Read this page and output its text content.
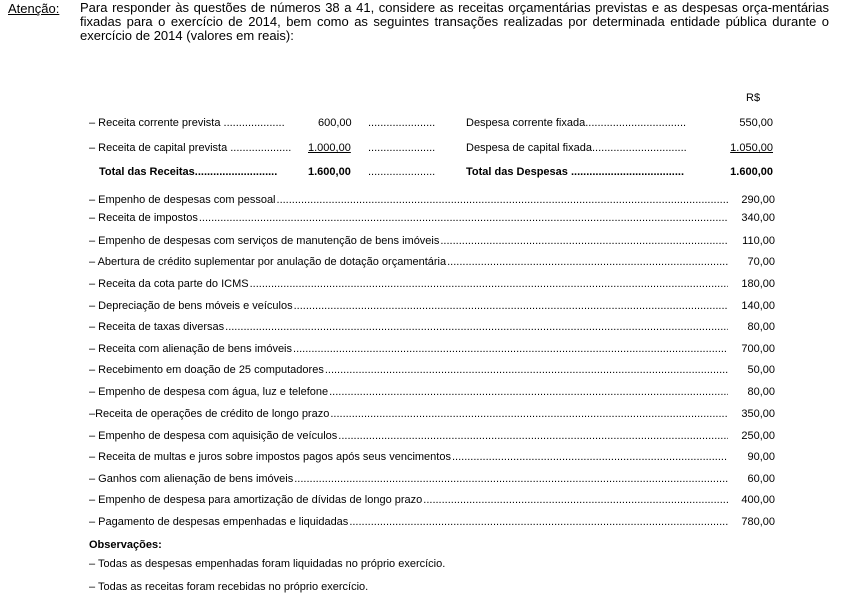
Atenção: Para responder às questões de números 38 a 41, considere as receitas orçamentárias previstas e as despesas orça-mentárias fixadas para o exercício de 2014, bem como as seguintes transações realizadas por determinada entidade pública durante o exercício de 2014 (valores em reais):
R$
– Receita corrente prevista ....................	600,00 ......................	Despesa corrente fixada.................................	550,00
– Receita de capital prevista .................... 1.000,00 ......................	Despesa de capital fixada...............................	1.050,00
Total das Receitas...........................	1.600,00 ......................	Total das Despesas .....................................	1.600,00
– Empenho de despesas com pessoal .....	290,00
– Receita de impostos .....	340,00
– Empenho de despesas com serviços de manutenção de bens imóveis .....	110,00
– Abertura de crédito suplementar por anulação de dotação orçamentária .....	70,00
– Receita da cota parte do ICMS .....	180,00
– Depreciação de bens móveis e veículos .....	140,00
– Receita de taxas diversas .....	80,00
– Receita com alienação de bens imóveis .....	700,00
– Recebimento em doação de 25 computadores .....	50,00
– Empenho de despesa com água, luz e telefone .....	80,00
–Receita de operações de crédito de longo prazo .....	350,00
– Empenho de despesa com aquisição de veículos .....	250,00
– Receita de multas e juros sobre impostos pagos após seus vencimentos .....	90,00
– Ganhos com alienação de bens imóveis .....	60,00
– Empenho de despesa para amortização de dívidas de longo prazo .....	400,00
– Pagamento de despesas empenhadas e liquidadas .....	780,00
Observações:
– Todas as despesas empenhadas foram liquidadas no próprio exercício.
– Todas as receitas foram recebidas no próprio exercício.
